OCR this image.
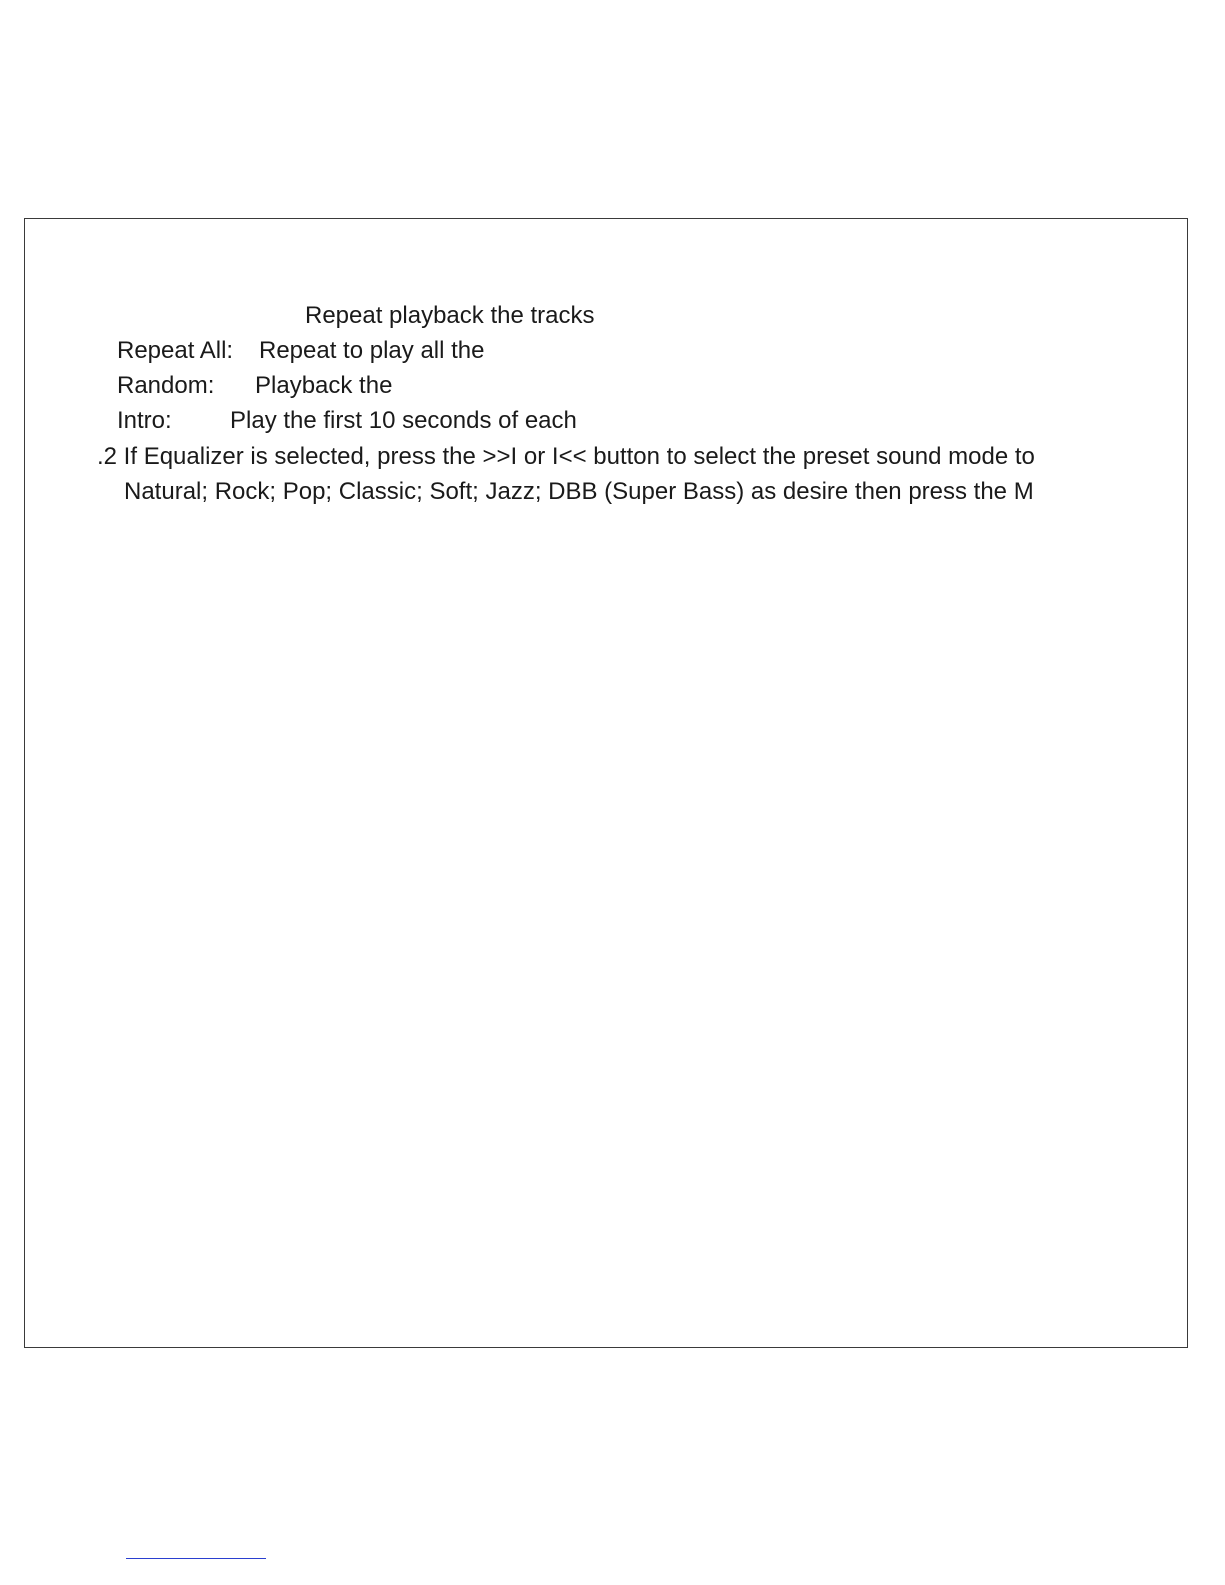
Repeat playback the tracks

Repeat All: Repeat to play all the

Random: Playback the

Intro: Play the first 10 seconds of each

.2 If Equalizer is selected, press the >>I or I<< button to select the preset sound mode to

Natural; Rock; Pop; Classic; Soft; Jazz; DBB (Super Bass) as desire then press the M
